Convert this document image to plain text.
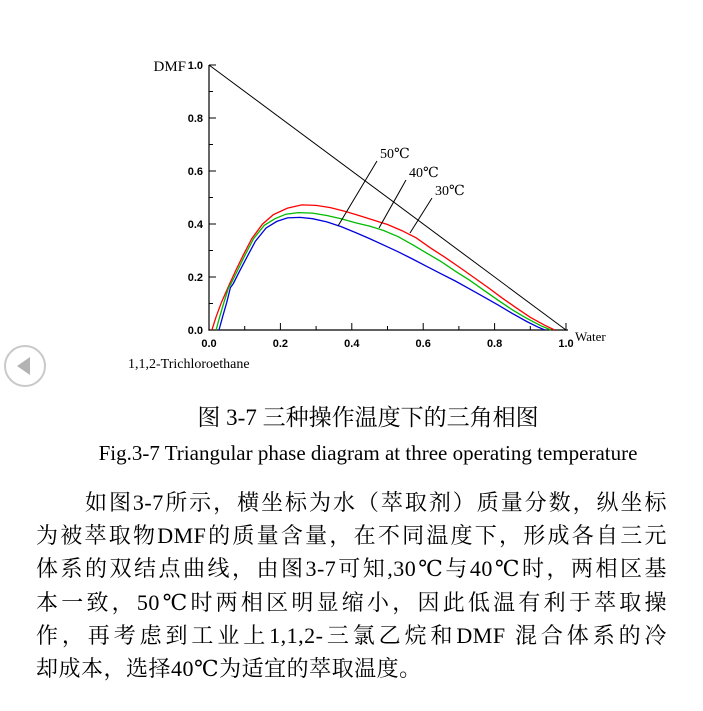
0.0	0.2	0.4	0.6	0.8	1.0
0.0
0.2
0.4
0.6
0.8
1.0
30℃
40℃
50℃
DMF
Water
1,1,2-Trichloroethane
图 3-7 三种操作温度下的三角相图
Fig.3-7 Triangular phase diagram at three operating temperature
如图3-7所示，横坐标为水（萃取剂）质量分数，纵坐标
为被萃取物DMF的质量含量，在不同温度下，形成各自三元
体系的双结点曲线，由图3-7可知,30℃与40℃时，两相区基
本一致，50℃时两相区明显缩小，因此低温有利于萃取操
作，再考虑到工业上1,1,2-三氯乙烷和DMF 混合体系的冷
却成本，选择40℃为适宜的萃取温度。
